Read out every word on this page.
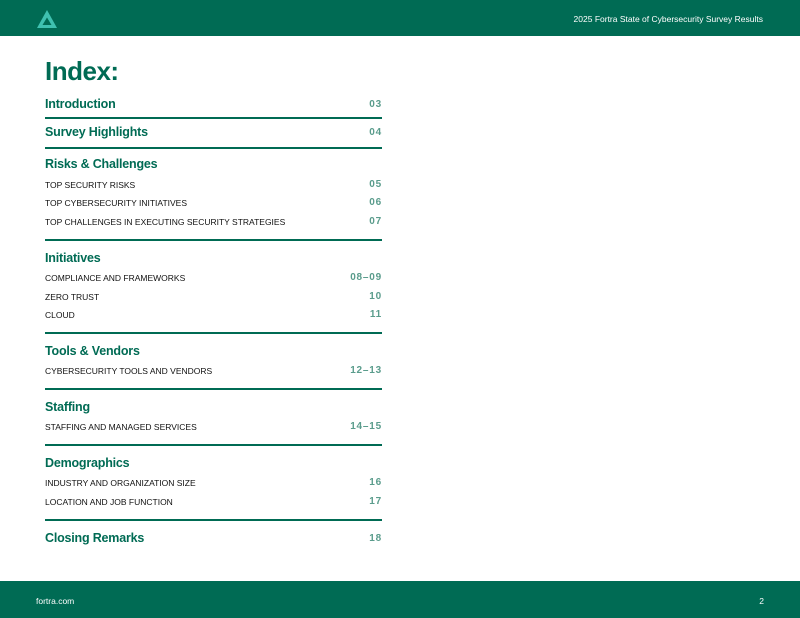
2025 Fortra State of Cybersecurity Survey Results
Index:
Introduction	03
Survey Highlights	04
Risks & Challenges
TOP SECURITY RISKS	05
TOP CYBERSECURITY INITIATIVES	06
TOP CHALLENGES IN EXECUTING SECURITY STRATEGIES	07
Initiatives
COMPLIANCE AND FRAMEWORKS	08–09
ZERO TRUST	10
CLOUD	11
Tools & Vendors
CYBERSECURITY TOOLS AND VENDORS	12–13
Staffing
STAFFING AND MANAGED SERVICES	14–15
Demographics
INDUSTRY AND ORGANIZATION SIZE	16
LOCATION AND JOB FUNCTION	17
Closing Remarks	18
fortra.com	2
